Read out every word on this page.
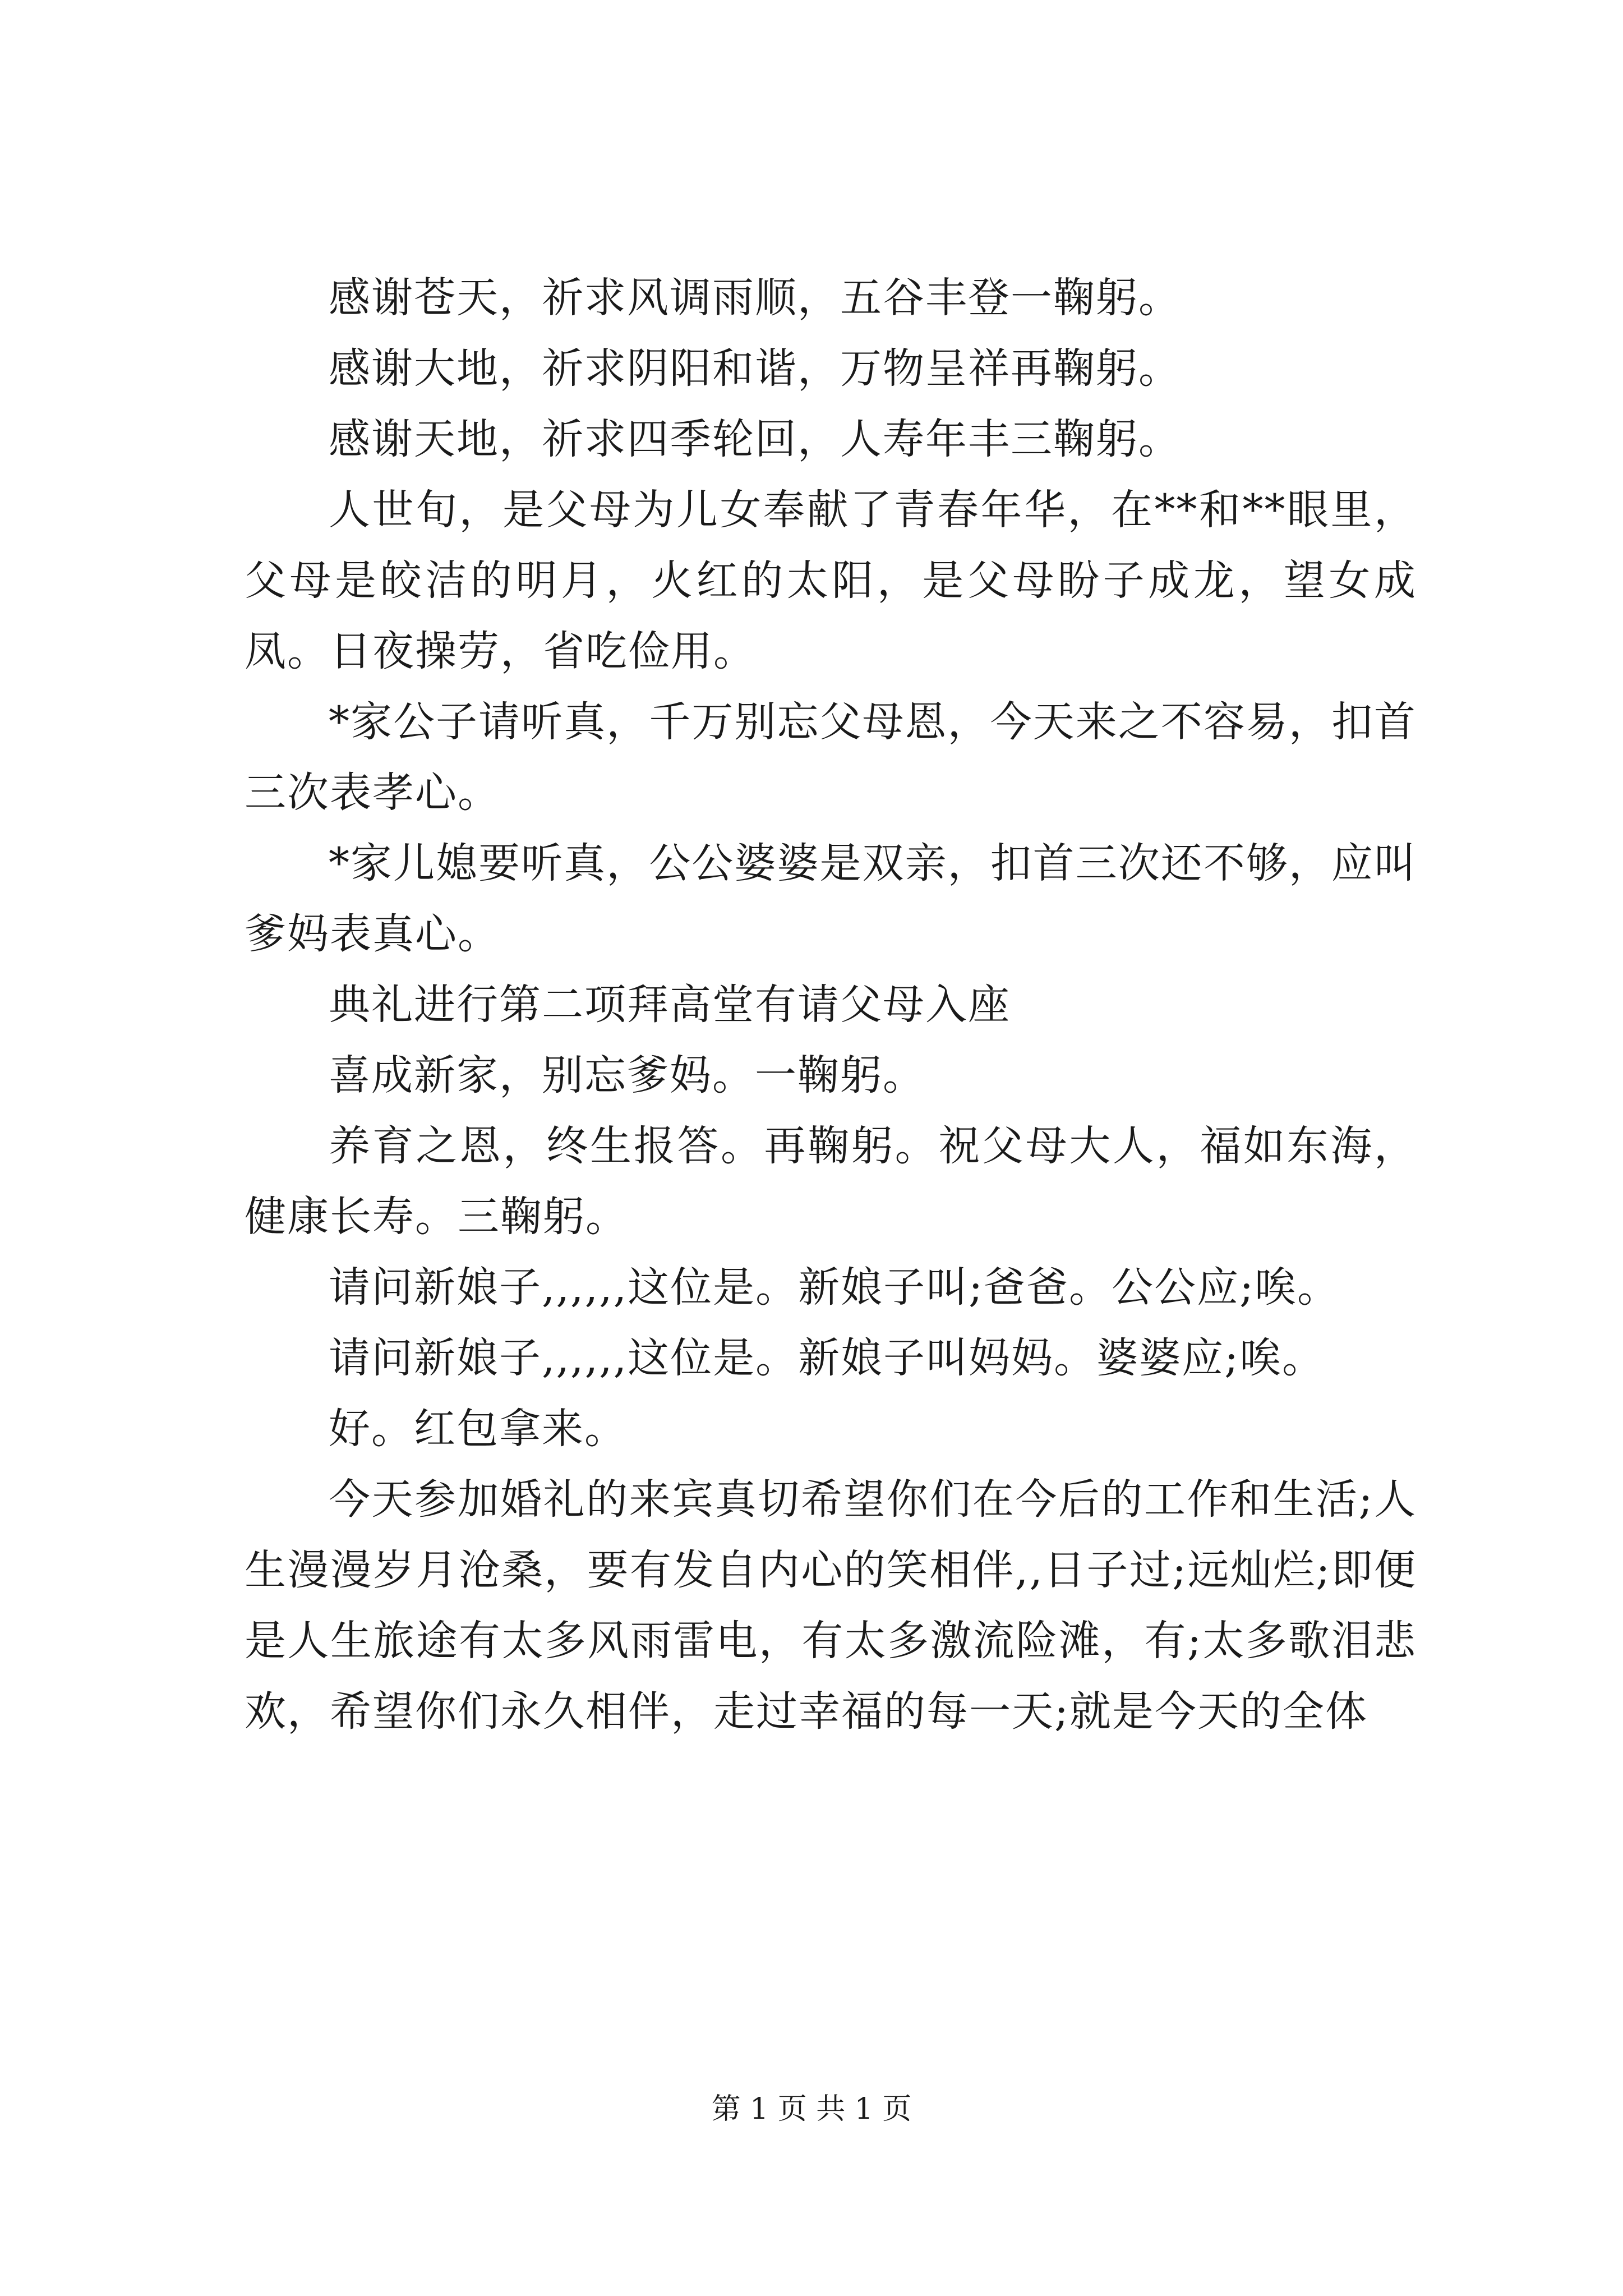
感谢苍天，祈求风调雨顺，五谷丰登一鞠躬。

感谢大地，祈求阴阳和谐，万物呈祥再鞠躬。

感谢天地，祈求四季轮回，人寿年丰三鞠躬。

人世旬，是父母为儿女奉献了青春年华，在**和**眼里，父母是皎洁的明月，火红的太阳，是父母盼子成龙，望女成凤。日夜操劳，省吃俭用。

*家公子请听真，千万别忘父母恩，今天来之不容易，扣首三次表孝心。

*家儿媳要听真，公公婆婆是双亲，扣首三次还不够，应叫爹妈表真心。

典礼进行第二项拜高堂有请父母入座

喜成新家，别忘爹妈。一鞠躬。

养育之恩，终生报答。再鞠躬。祝父母大人，福如东海，健康长寿。三鞠躬。

请问新娘子,,,,,,这位是。新娘子叫;爸爸。公公应;唉。

请问新娘子,,,,,,这位是。新娘子叫妈妈。婆婆应;唉。

好。红包拿来。

今天参加婚礼的来宾真切希望你们在今后的工作和生活;人生漫漫岁月沧桑，要有发自内心的笑相伴,,日子过;远灿烂;即便是人生旅途有太多风雨雷电，有太多激流险滩，有;太多歌泪悲欢，希望你们永久相伴，走过幸福的每一天;就是今天的全体

第 1 页 共 1 页
